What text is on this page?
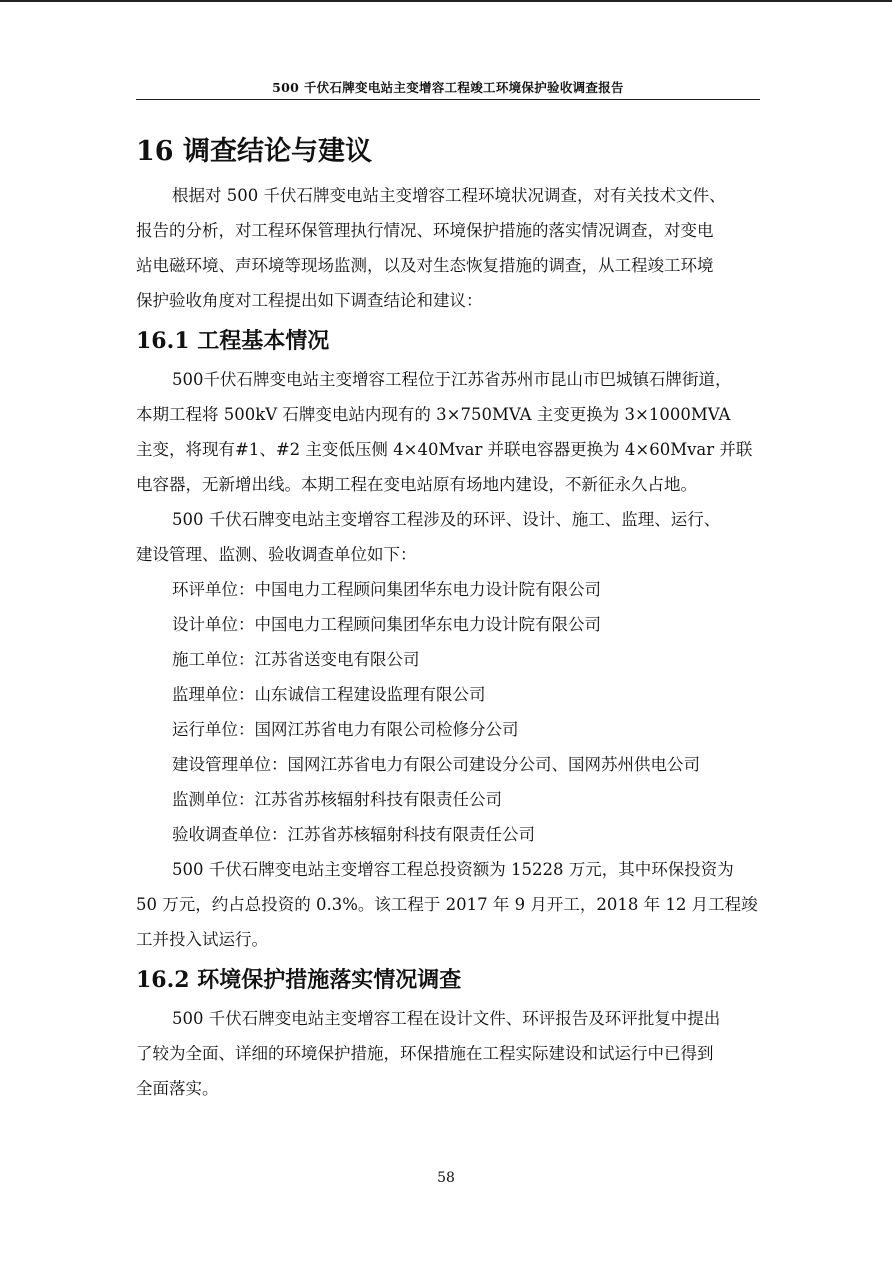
500 千伏石牌变电站主变增容工程竣工环境保护验收调查报告
16 调查结论与建议
根据对 500 千伏石牌变电站主变增容工程环境状况调查，对有关技术文件、
报告的分析，对工程环保管理执行情况、环境保护措施的落实情况调查，对变电
站电磁环境、声环境等现场监测，以及对生态恢复措施的调查，从工程竣工环境
保护验收角度对工程提出如下调查结论和建议：
16.1 工程基本情况
500千伏石牌变电站主变增容工程位于江苏省苏州市昆山市巴城镇石牌街道，
本期工程将 500kV 石牌变电站内现有的 3×750MVA 主变更换为 3×1000MVA
主变，将现有#1、#2 主变低压侧 4×40Mvar 并联电容器更换为 4×60Mvar 并联
电容器，无新增出线。本期工程在变电站原有场地内建设，不新征永久占地。
500 千伏石牌变电站主变增容工程涉及的环评、设计、施工、监理、运行、
建设管理、监测、验收调查单位如下：
环评单位：中国电力工程顾问集团华东电力设计院有限公司
设计单位：中国电力工程顾问集团华东电力设计院有限公司
施工单位：江苏省送变电有限公司
监理单位：山东诚信工程建设监理有限公司
运行单位：国网江苏省电力有限公司检修分公司
建设管理单位：国网江苏省电力有限公司建设分公司、国网苏州供电公司
监测单位：江苏省苏核辐射科技有限责任公司
验收调查单位：江苏省苏核辐射科技有限责任公司
500 千伏石牌变电站主变增容工程总投资额为 15228 万元，其中环保投资为
50 万元，约占总投资的 0.3%。该工程于 2017 年 9 月开工，2018 年 12 月工程竣
工并投入试运行。
16.2 环境保护措施落实情况调查
500 千伏石牌变电站主变增容工程在设计文件、环评报告及环评批复中提出
了较为全面、详细的环境保护措施，环保措施在工程实际建设和试运行中已得到
全面落实。
58
